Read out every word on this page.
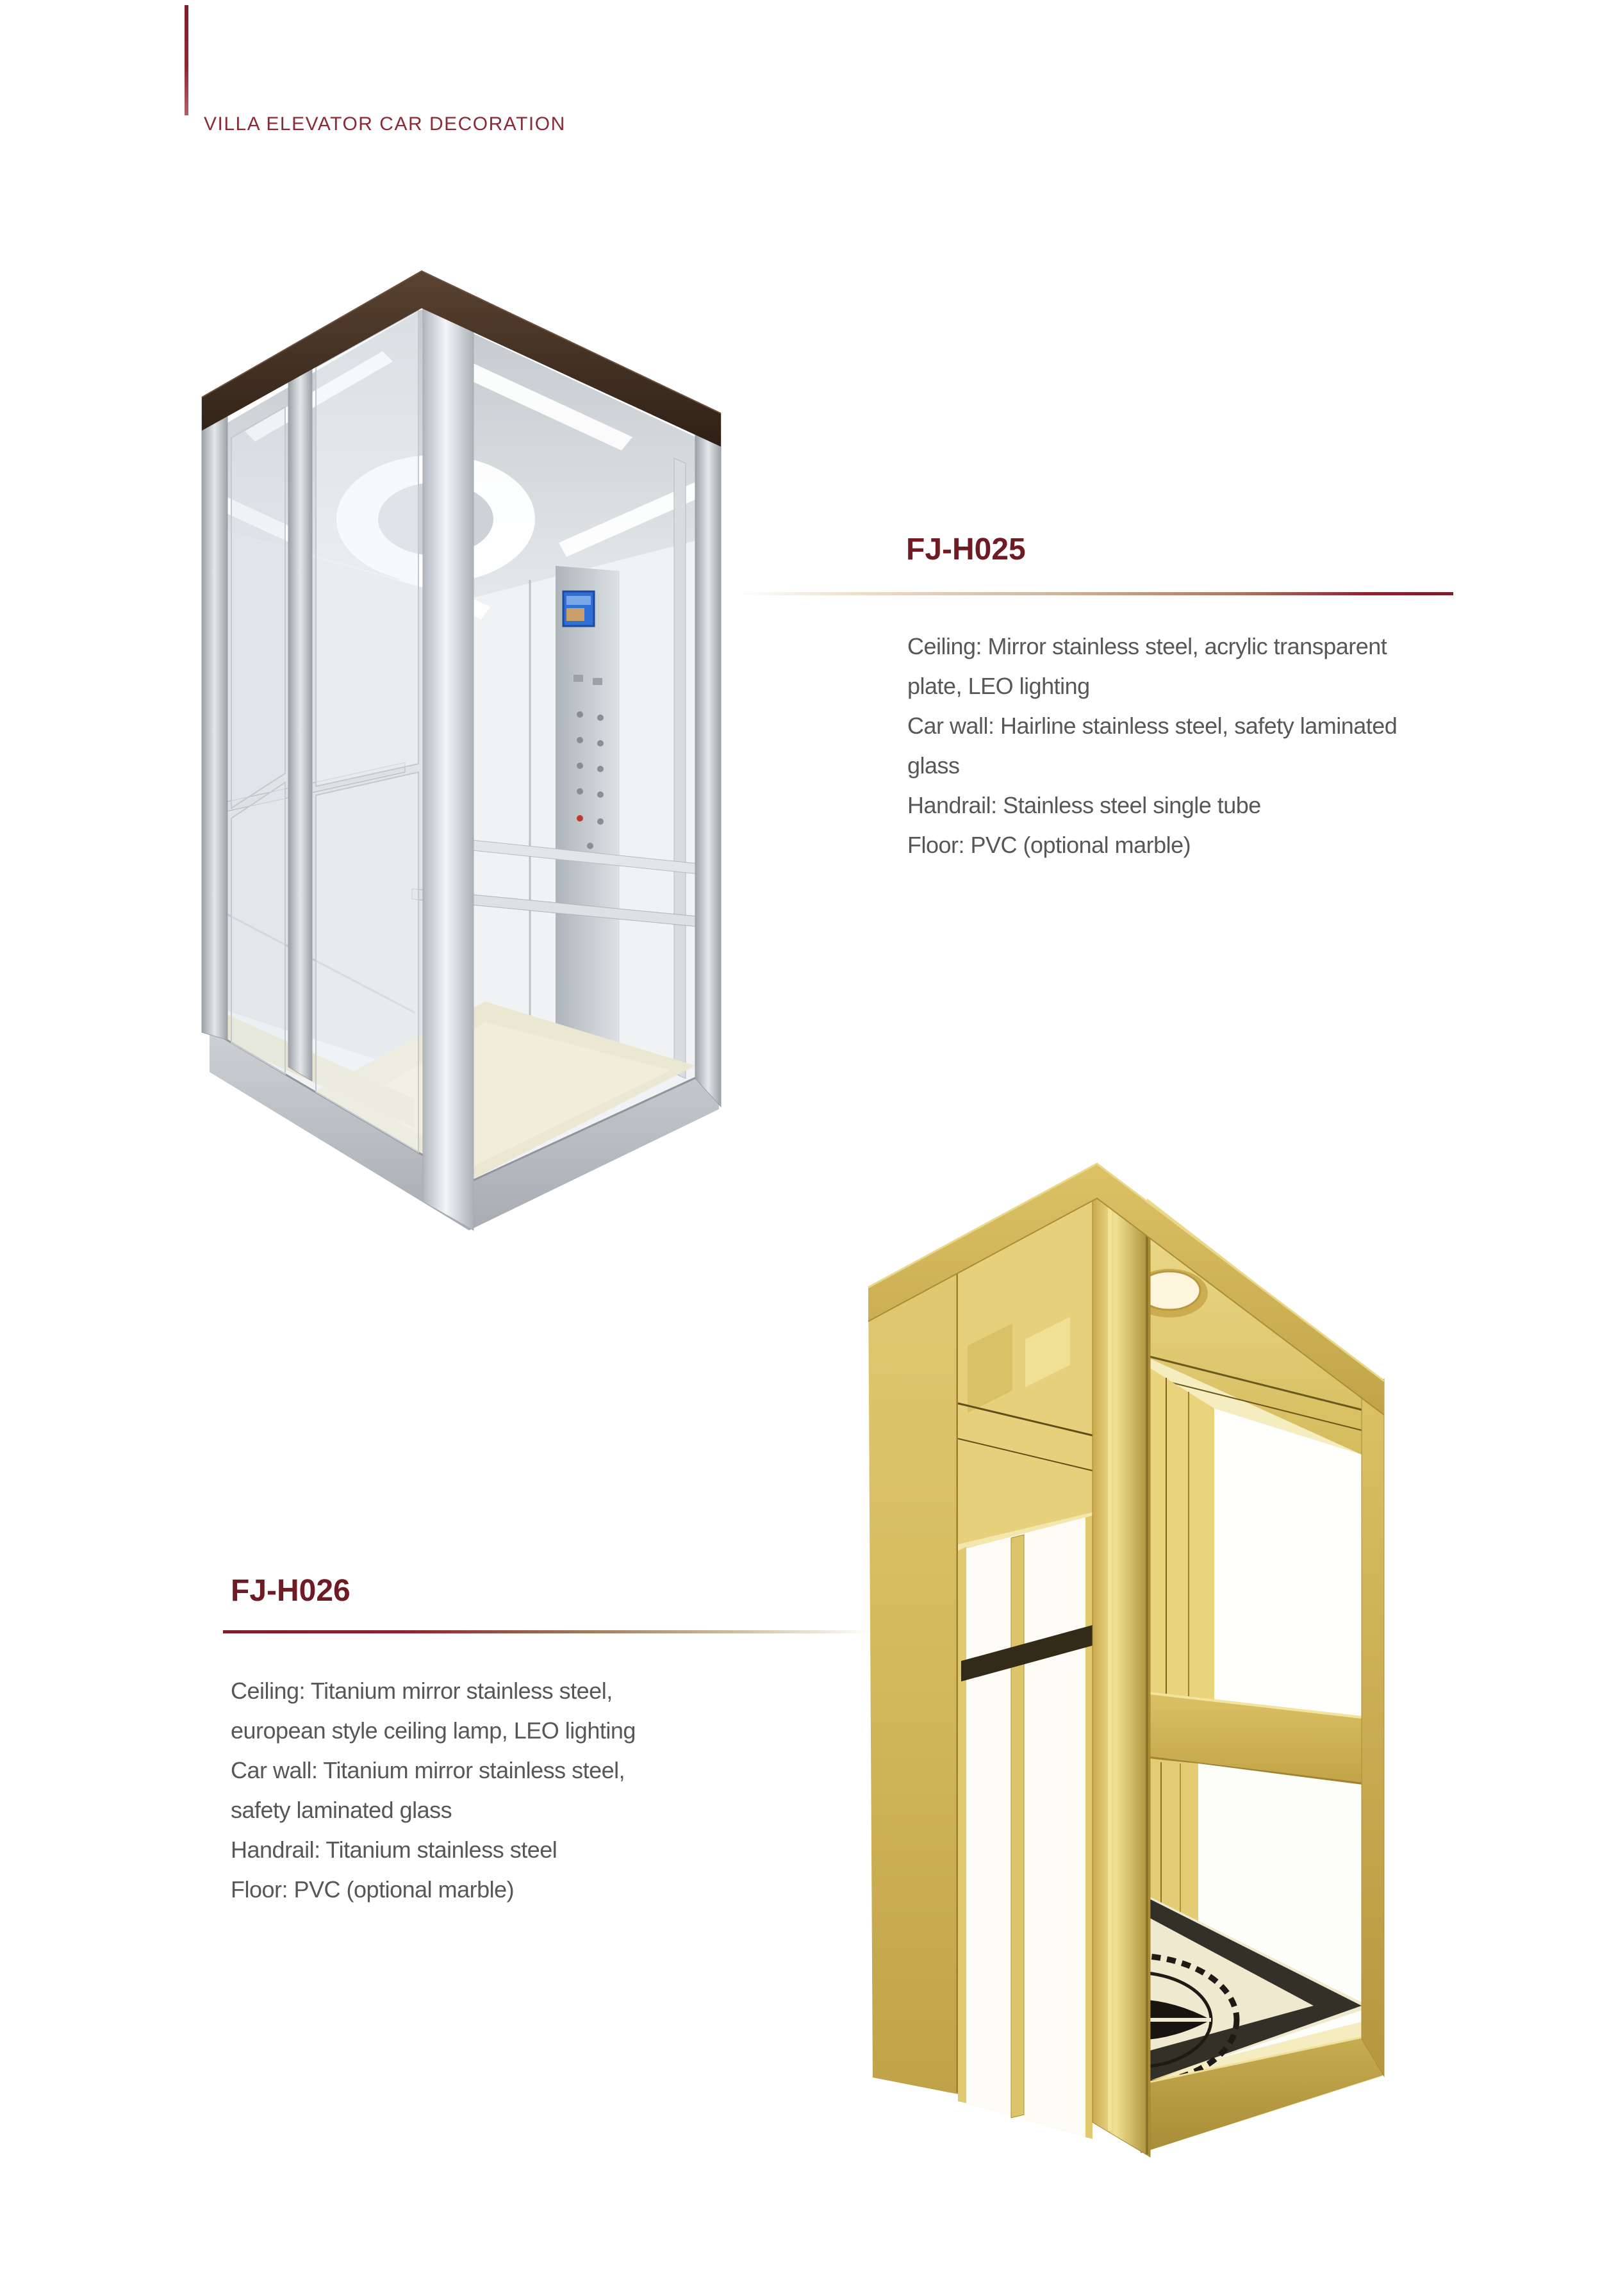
VILLA ELEVATOR CAR DECORATION
FJ-H025
Ceiling: Mirror stainless steel, acrylic transparent
plate, LEO lighting
Car wall: Hairline stainless steel, safety laminated
glass
Handrail: Stainless steel single tube
Floor: PVC (optional marble)
FJ-H026
Ceiling: Titanium mirror stainless steel,
european style ceiling lamp, LEO lighting
Car wall: Titanium mirror stainless steel,
safety laminated glass
Handrail: Titanium stainless steel
Floor: PVC (optional marble)
